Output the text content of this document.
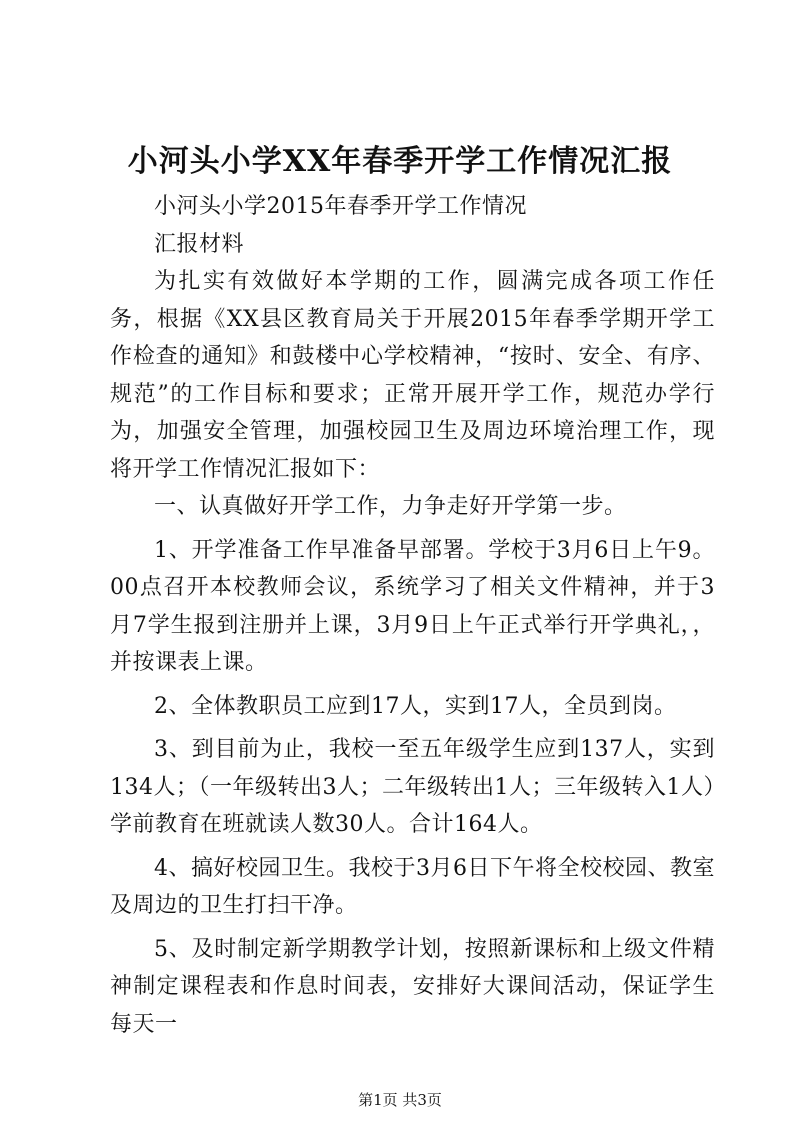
小河头小学XX年春季开学工作情况汇报

小河头小学2015年春季开学工作情况

汇报材料

为扎实有效做好本学期的工作，圆满完成各项工作任务，根据《XX县区教育局关于开展2015年春季学期开学工作检查的通知》和鼓楼中心学校精神，“按时、安全、有序、规范”的工作目标和要求；正常开展开学工作，规范办学行为，加强安全管理，加强校园卫生及周边环境治理工作，现将开学工作情况汇报如下：

一、认真做好开学工作，力争走好开学第一步。

1、开学准备工作早准备早部署。学校于3月6日上午9。00点召开本校教师会议，系统学习了相关文件精神，并于3月7学生报到注册并上课，3月9日上午正式举行开学典礼，，并按课表上课。

2、全体教职员工应到17人，实到17人，全员到岗。

3、到目前为止，我校一至五年级学生应到137人，实到134人；（一年级转出3人；二年级转出1人；三年级转入1人）学前教育在班就读人数30人。合计164人。

4、搞好校园卫生。我校于3月6日下午将全校校园、教室及周边的卫生打扫干净。

5、及时制定新学期教学计划，按照新课标和上级文件精神制定课程表和作息时间表，安排好大课间活动，保证学生每天一

第1页 共3页
